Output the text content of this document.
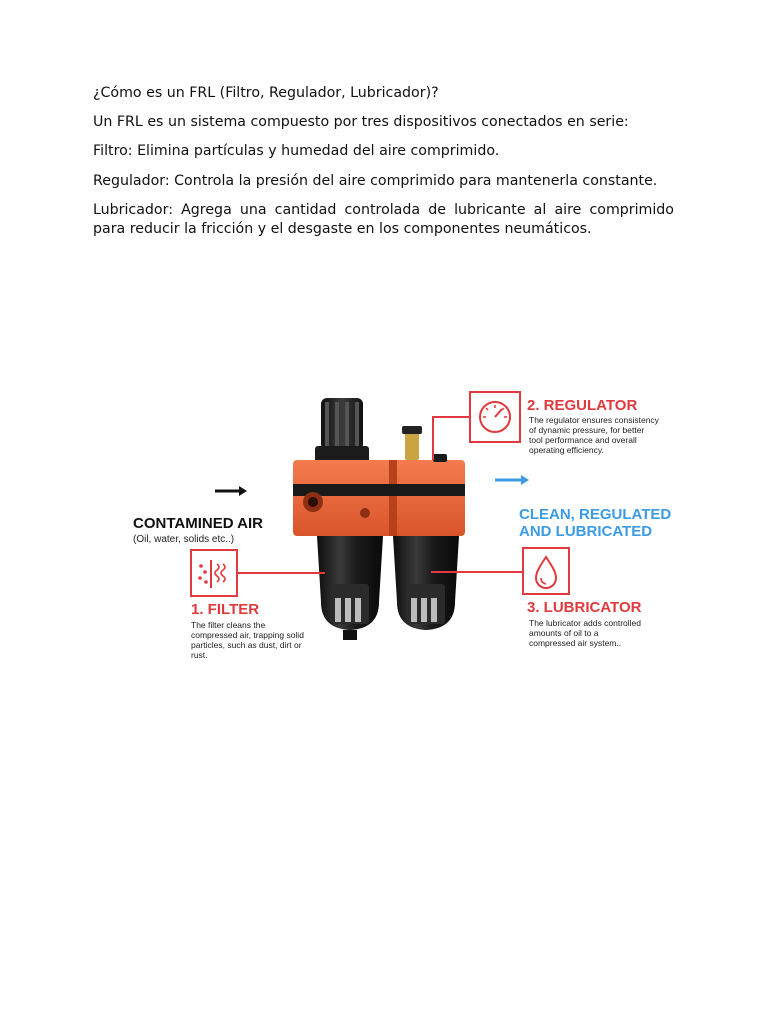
¿Cómo es un FRL (Filtro, Regulador, Lubricador)?

Un FRL es un sistema compuesto por tres dispositivos conectados en serie:

Filtro: Elimina partículas y humedad del aire comprimido.

Regulador: Controla la presión del aire comprimido para mantenerla constante.

Lubricador: Agrega una cantidad controlada de lubricante al aire comprimido para reducir la fricción y el desgaste en los componentes neumáticos.

CONTAMINED AIR
(Oil, water, solids etc..)
CLEAN, REGULATED
AND LUBRICATED
2. REGULATOR
The regulator ensures consistency
of dynamic pressure, for better
tool performance and overall
operating efficiency.
1. FILTER
The filter cleans the
compressed air, trapping solid
particles, such as dust, dirt or
rust.
3. LUBRICATOR
The lubricator adds controlled
amounts of oil to a
compressed air system..
